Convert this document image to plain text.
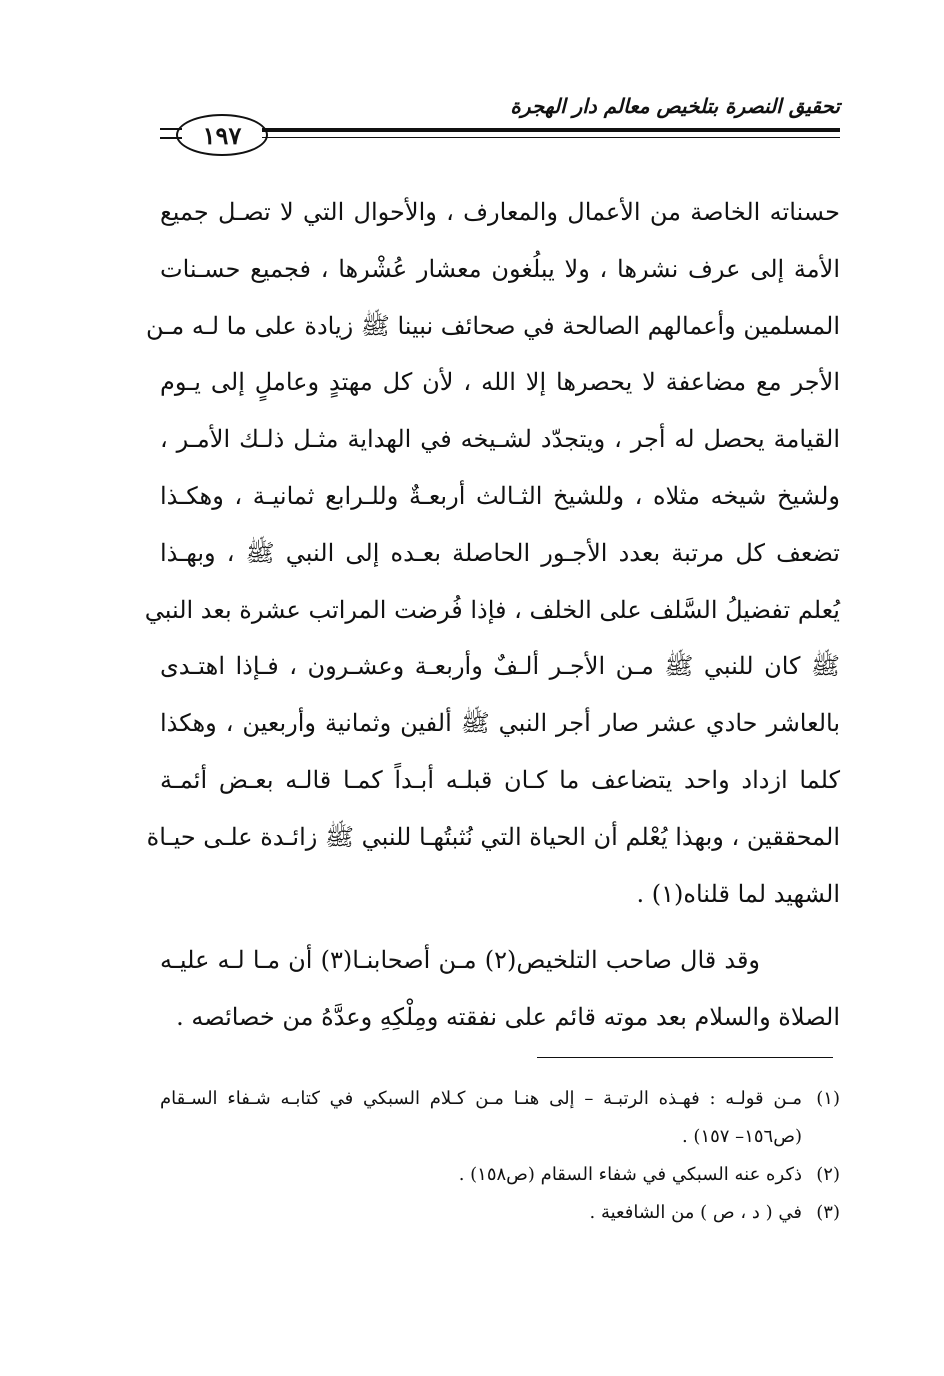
تحقيق النصرة بتلخيص معالم دار الهجرة
١٩٧
حسناته الخاصة من الأعمال والمعارف ، والأحوال التي لا تصـل جميع
الأمة إلى عرف نشرها ، ولا يبلُغون معشار عُشْرها ، فجميع حسـنات
المسلمين وأعمالهم الصالحة في صحائف نبينا ﷺ زيادة على ما لـه مـن
الأجر مع مضاعفة لا يحصرها إلا الله ، لأن كل مهتدٍ وعاملٍ إلى يـوم
القيامة يحصل له أجر ، ويتجدّد لشـيخه في الهداية مثـل ذلـك الأمـر ،
ولشيخ شيخه مثلاه ، وللشيخ الثـالث أربعـةٌ وللـرابع ثمانيـة ، وهكـذا
تضعف كل مرتبة بعدد الأجـور الحاصلة بعـده إلى النبي ﷺ ، وبهـذا
يُعلم تفضيلُ السَّلف على الخلف ، فإذا فُرضت المراتب عشرة بعد النبي
ﷺ كان للنبي ﷺ مـن الأجـر ألـفٌ وأربعـة وعشـرون ، فـإذا اهتـدى
بالعاشر حادي عشر صار أجر النبي ﷺ ألفين وثمانية وأربعين ، وهكذا
كلما ازداد واحد يتضاعف ما كـان قبلـه أبـداً كمـا قالـه بعـض أئمـة
المحققين ، وبهذا يُعْلم أن الحياة التي نُثبتُهـا للنبي ﷺ زائـدة علـى حيـاة
الشهيد لما قلناه(١) .
وقد قال صاحب التلخيص(٢) مـن أصحابنـا(٣) أن مـا لـه عليـه
الصلاة والسلام بعد موته قائم على نفقته ومِلْكِهِ وعدَّهُ من خصائصه .
(١)مـن قولـه : فهـذه الرتبـة – إلى هنـا مـن كـلام السبكي في كتابـه شـفاء السـقام
(ص١٥٦– ١٥٧) .
(٢)ذكره عنه السبكي في شفاء السقام (ص١٥٨) .
(٣)في ( د ، ص ) من الشافعية .
